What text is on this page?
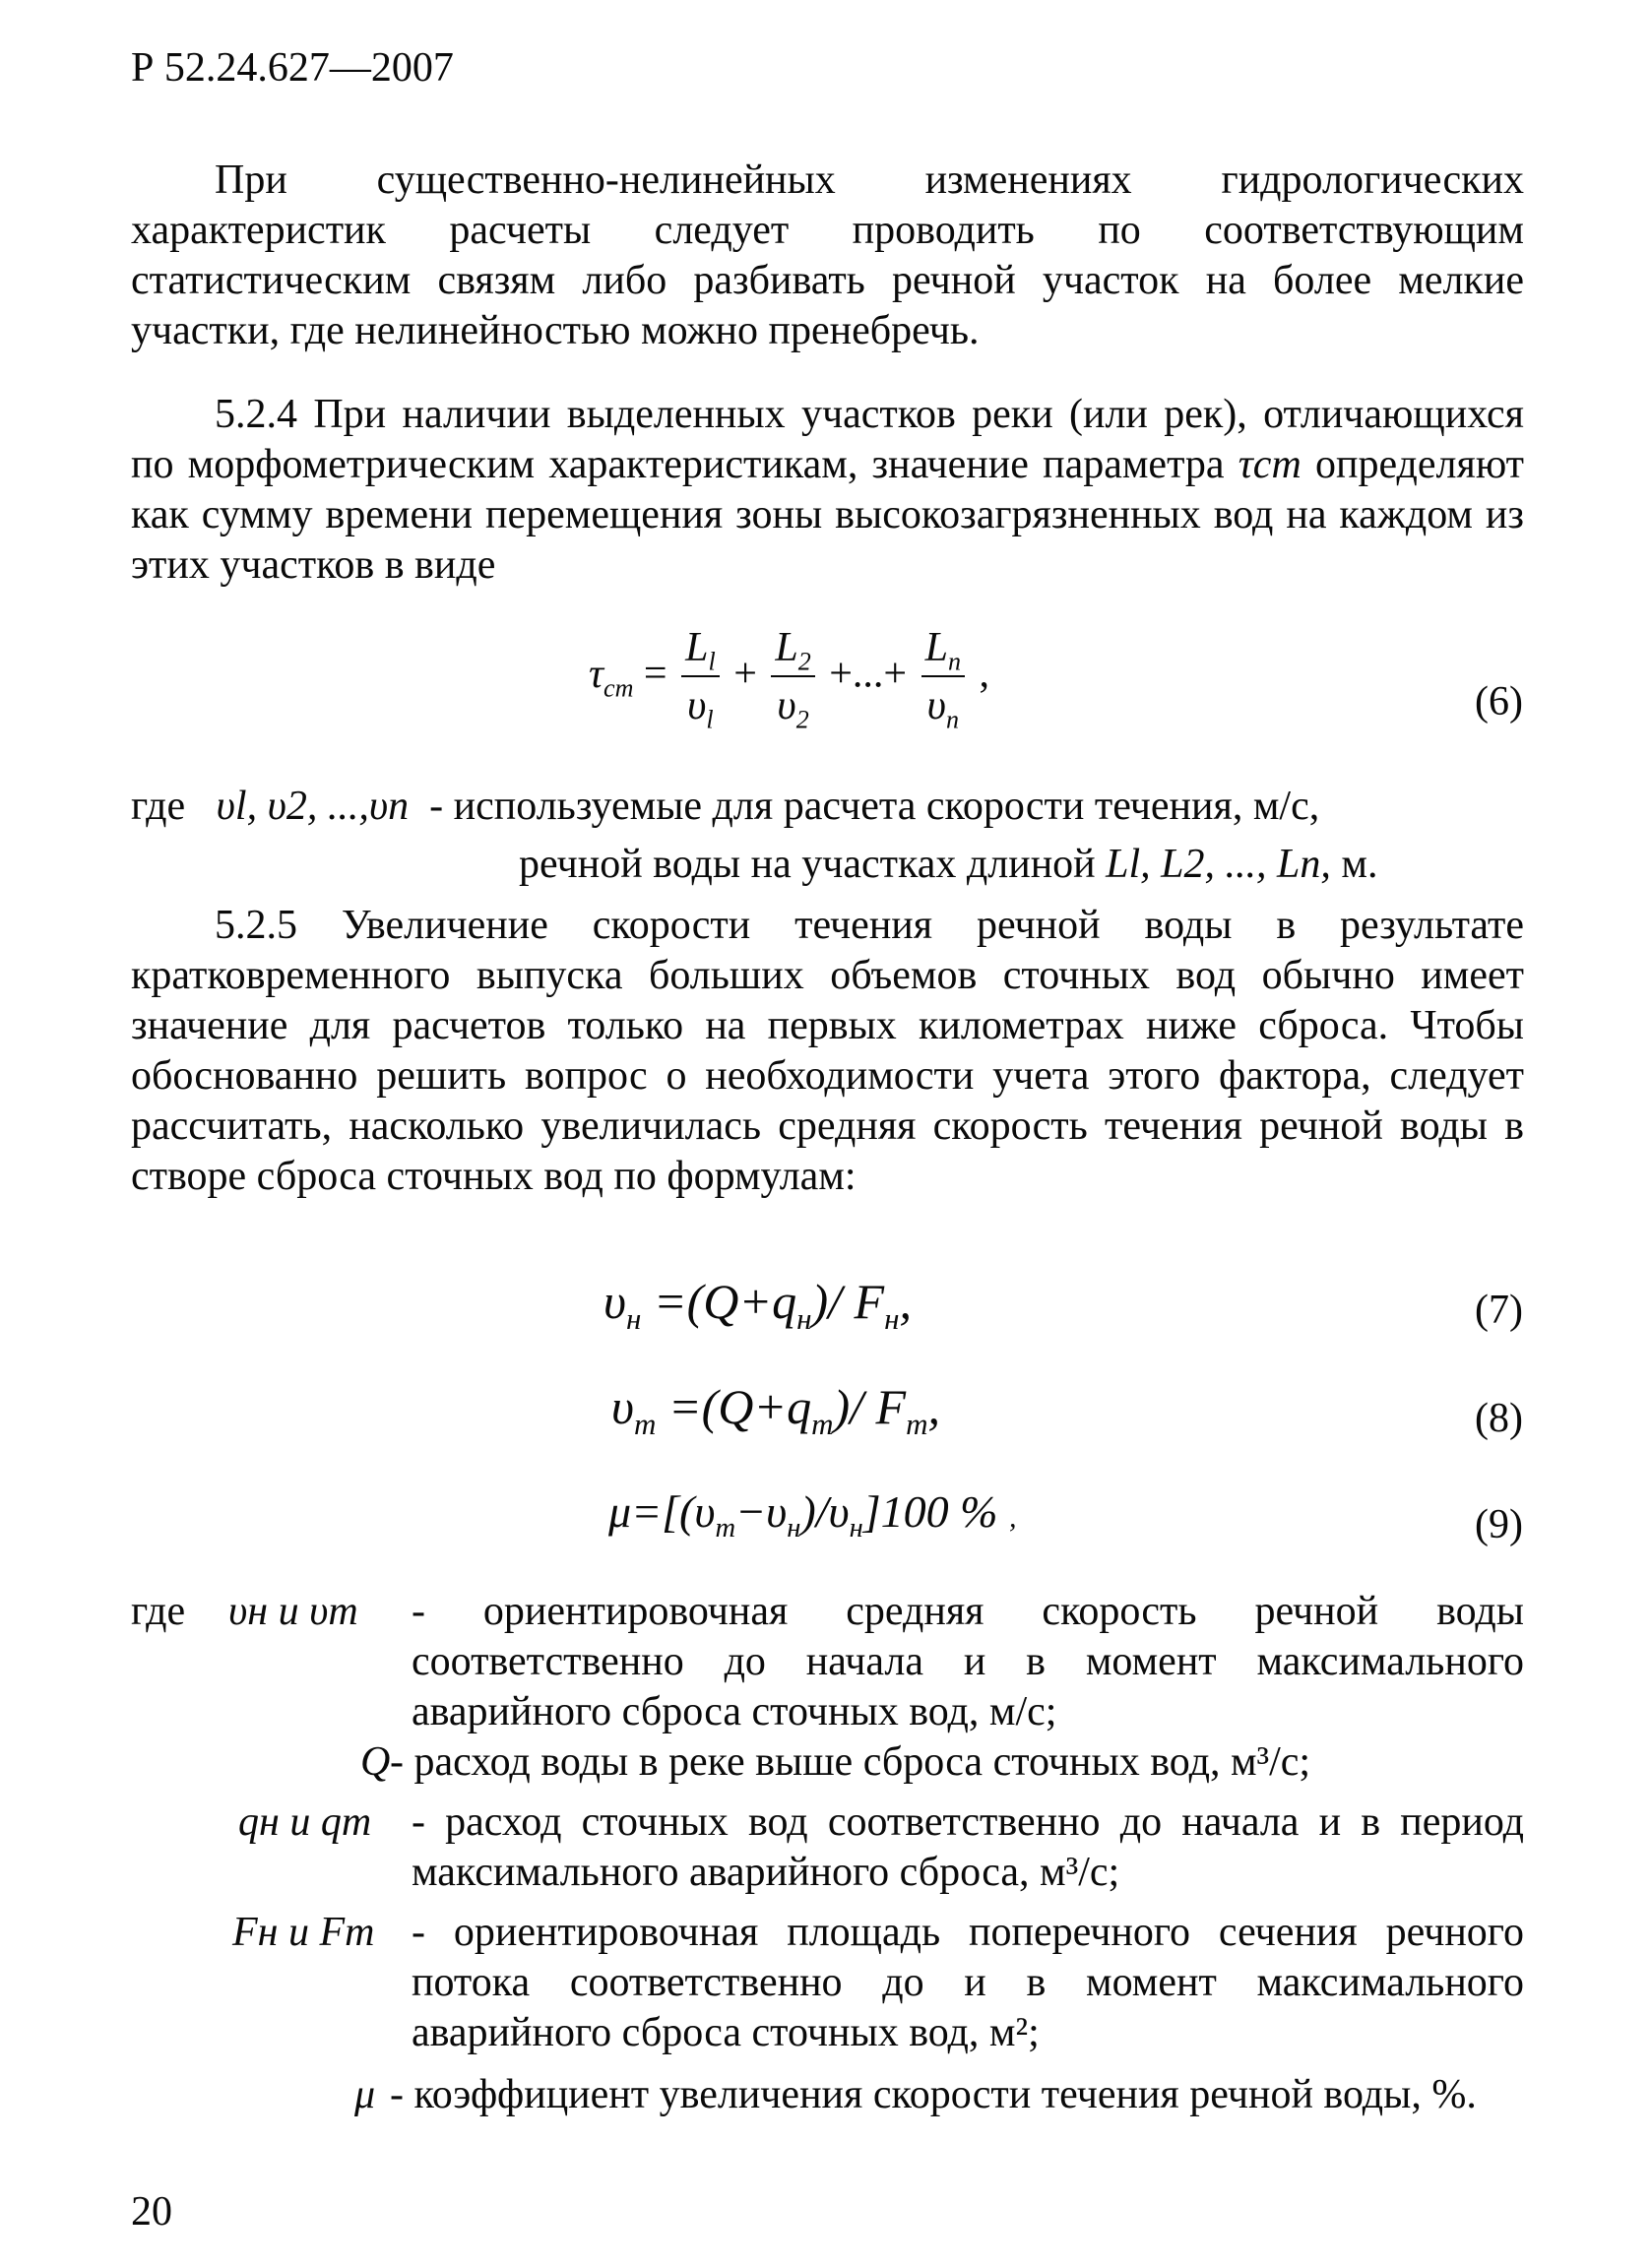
Р 52.24.627—2007

При существенно-нелинейных изменениях гидрологических характеристик расчеты следует проводить по соответствующим статистическим связям либо разбивать речной участок на более мелкие участки, где нелинейностью можно пренебречь.

5.2.4 При наличии выделенных участков реки (или рек), отличающихся по морфометрическим характеристикам, значение параметра τст определяют как сумму времени перемещения зоны высокозагрязненных вод на каждом из этих участков в виде

$\tau_{ст} = \frac{L_l}{\upsilon_l} + \frac{L_2}{\upsilon_2}$ +...+ $\frac{L_n}{\upsilon_n}$ ,
(6)
где υl, υ2, ...,υn - используемые для расчета скорости течения, м/с,
речной воды на участках длиной Ll, L2, ..., Ln, м.

5.2.5 Увеличение скорости течения речной воды в результате кратковременного выпуска больших объемов сточных вод обычно имеет значение для расчетов только на первых километрах ниже сброса. Чтобы обоснованно решить вопрос о необходимости учета этого фактора, следует рассчитать, насколько увеличилась средняя скорость течения речной воды в створе сброса сточных вод по формулам:

$\upsilon_н =(Q+q_н)/$ $F_н$,	(7)
$\upsilon_m =(Q+q_m)/$ $F_m$,	(8)
$\mu=[(\upsilon_m-\upsilon_н)/\upsilon_н]100$ % ,	(9)
где υн и υm - ориентировочная средняя скорость речной воды соответственно до начала и в момент максимального аварийного сброса сточных вод, м/с;

Q - расход воды в реке выше сброса сточных вод, м³/с;

qн и qm - расход сточных вод соответственно до начала и в период максимального аварийного сброса, м³/с;

Fн и Fm - ориентировочная площадь поперечного сечения речного потока соответственно до и в момент максимального аварийного сброса сточных вод, м²;

μ - коэффициент увеличения скорости течения речной воды, %.

20
